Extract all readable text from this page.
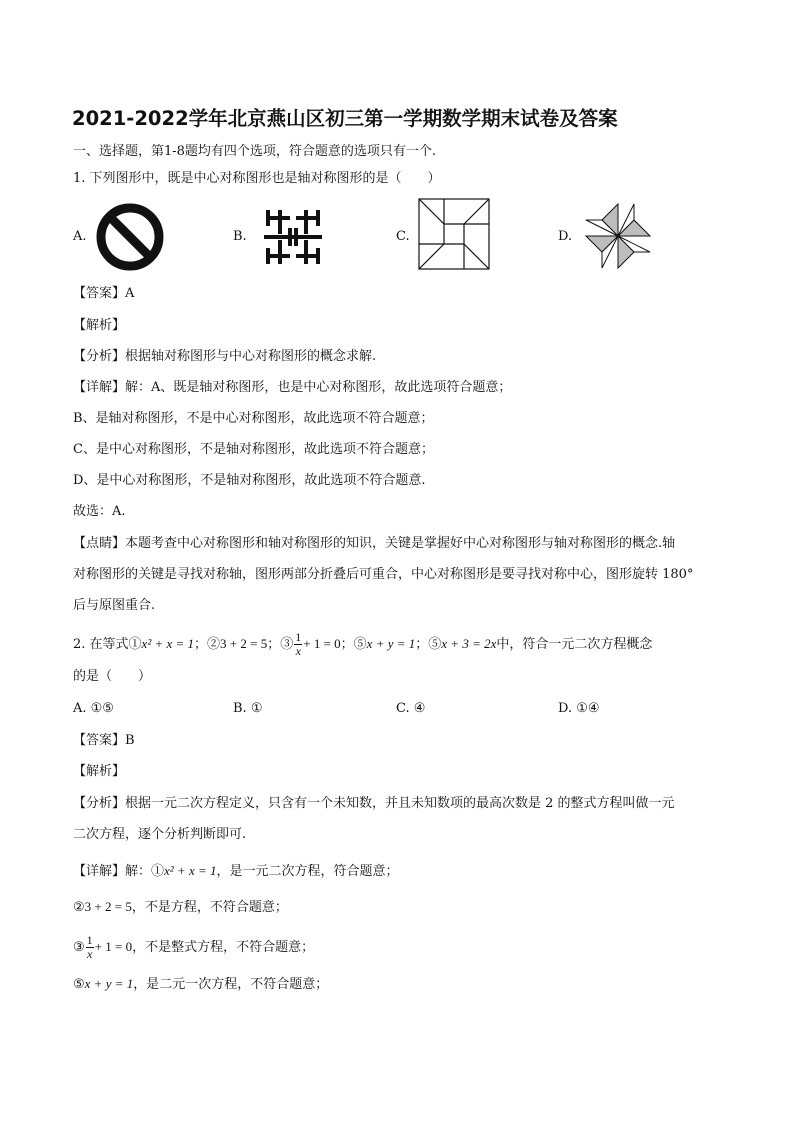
2021-2022学年北京燕山区初三第一学期数学期末试卷及答案
一、选择题，第1-8题均有四个选项，符合题意的选项只有一个.
1. 下列图形中，既是中心对称图形也是轴对称图形的是（　　）
A.	B.	C.	D.
【答案】A
【解析】
【分析】根据轴对称图形与中心对称图形的概念求解.
【详解】解：A、既是轴对称图形，也是中心对称图形，故此选项符合题意；
B、是轴对称图形，不是中心对称图形，故此选项不符合题意；
C、是中心对称图形，不是轴对称图形，故此选项不符合题意；
D、是中心对称图形，不是轴对称图形，故此选项不符合题意.
故选：A.
【点睛】本题考查中心对称图形和轴对称图形的知识，关键是掌握好中心对称图形与轴对称图形的概念.轴
对称图形的关键是寻找对称轴，图形两部分折叠后可重合，中心对称图形是要寻找对称中心，图形旋转 180°
后与原图重合.
2. 在等式①x² + x = 1；②3 + 2 = 5；③ $\frac{1}{x} + 1 = 0$；⑤x + y = 1；⑤x + 3 = 2x中，符合一元二次方程概念
的是（　　）
A. ①⑤	B. ①	C. ④	D. ①④
【答案】B
【解析】
【分析】根据一元二次方程定义，只含有一个未知数，并且未知数项的最高次数是 2 的整式方程叫做一元
二次方程，逐个分析判断即可.
【详解】解：①x² + x = 1，是一元二次方程，符合题意；
②3 + 2 = 5，不是方程，不符合题意；
③ $\frac{1}{x} + 1 = 0$，不是整式方程，不符合题意；
⑤x + y = 1，是二元一次方程，不符合题意；
